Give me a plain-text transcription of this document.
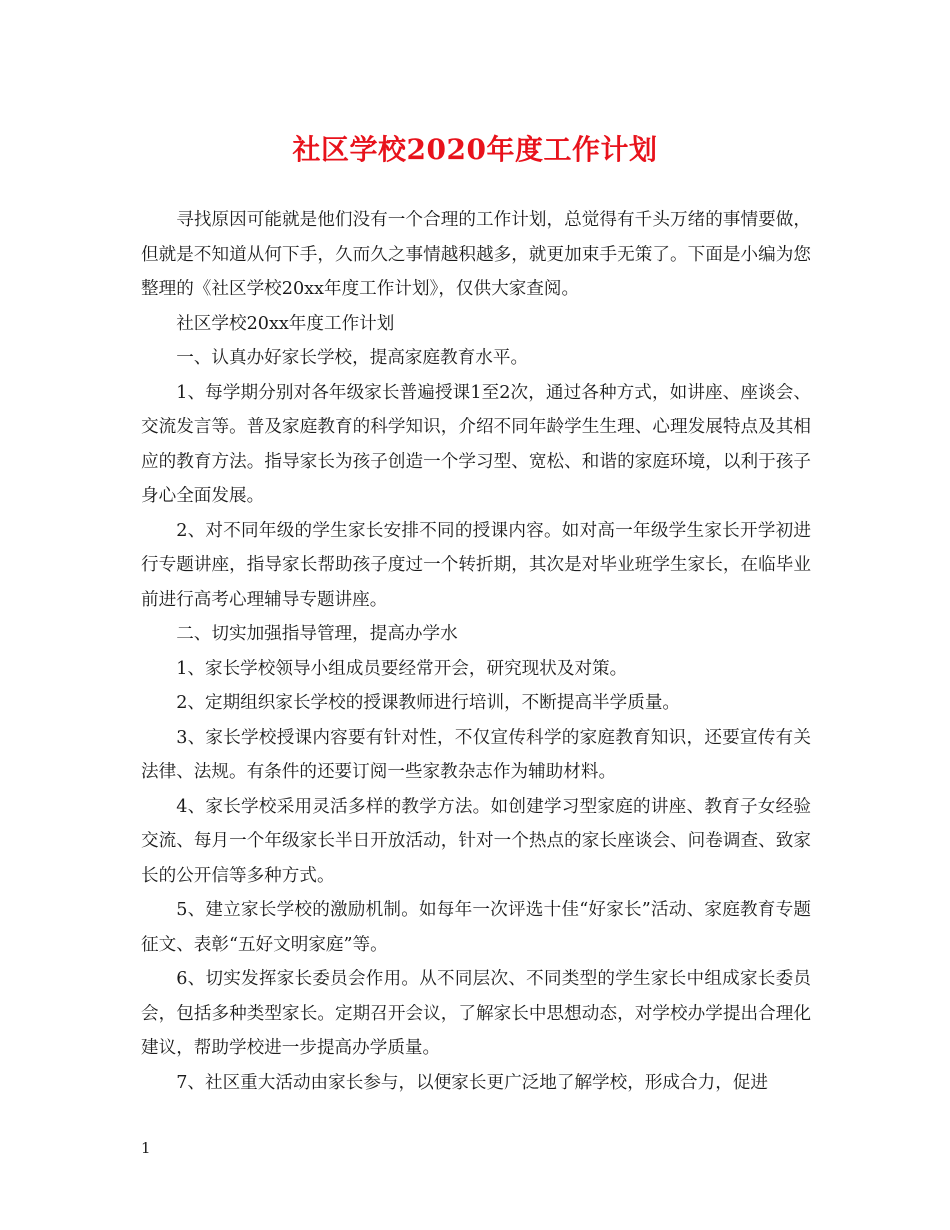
社区学校2020年度工作计划

寻找原因可能就是他们没有一个合理的工作计划，总觉得有千头万绪的事情要做，但就是不知道从何下手，久而久之事情越积越多，就更加束手无策了。下面是小编为您整理的《社区学校20xx年度工作计划》，仅供大家查阅。

社区学校20xx年度工作计划

一、认真办好家长学校，提高家庭教育水平。

1、每学期分别对各年级家长普遍授课1至2次，通过各种方式，如讲座、座谈会、交流发言等。普及家庭教育的科学知识，介绍不同年龄学生生理、心理发展特点及其相应的教育方法。指导家长为孩子创造一个学习型、宽松、和谐的家庭环境，以利于孩子身心全面发展。

2、对不同年级的学生家长安排不同的授课内容。如对高一年级学生家长开学初进行专题讲座，指导家长帮助孩子度过一个转折期，其次是对毕业班学生家长，在临毕业前进行高考心理辅导专题讲座。

二、切实加强指导管理，提高办学水

1、家长学校领导小组成员要经常开会，研究现状及对策。

2、定期组织家长学校的授课教师进行培训，不断提高半学质量。

3、家长学校授课内容要有针对性，不仅宣传科学的家庭教育知识，还要宣传有关法律、法规。有条件的还要订阅一些家教杂志作为辅助材料。

4、家长学校采用灵活多样的教学方法。如创建学习型家庭的讲座、教育子女经验交流、每月一个年级家长半日开放活动，针对一个热点的家长座谈会、问卷调查、致家长的公开信等多种方式。

5、建立家长学校的激励机制。如每年一次评选十佳“好家长”活动、家庭教育专题征文、表彰“五好文明家庭”等。

6、切实发挥家长委员会作用。从不同层次、不同类型的学生家长中组成家长委员会，包括多种类型家长。定期召开会议，了解家长中思想动态，对学校办学提出合理化建议，帮助学校进一步提高办学质量。

7、社区重大活动由家长参与，以便家长更广泛地了解学校，形成合力，促进

1
